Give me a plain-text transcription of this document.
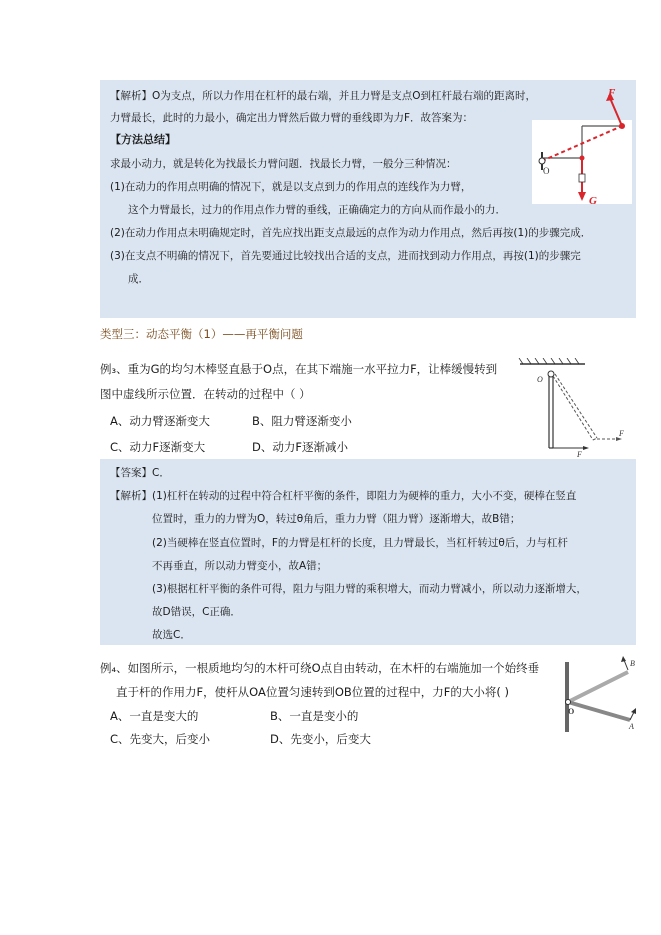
【解析】O为支点，所以力作用在杠杆的最右端，并且力臂是支点O到杠杆最右端的距离时，
力臂最长，此时的力最小，确定出力臂然后做力臂的垂线即为力F．故答案为：
【方法总结】
求最小动力，就是转化为找最长力臂问题．找最长力臂，一般分三种情况：
(1)在动力的作用点明确的情况下，就是以支点到力的作用点的连线作为力臂，
这个力臂最长，过力的作用点作力臂的垂线，正确确定力的方向从而作最小的力．
(2)在动力作用点未明确规定时，首先应找出距支点最远的点作为动力作用点，然后再按(1)的步骤完成．
(3)在支点不明确的情况下，首先要通过比较找出合适的支点，进而找到动力作用点，再按(1)的步骤完
成．
F
G
O
类型三：动态平衡（1）——再平衡问题
例₃、重为G的均匀木棒竖直悬于O点，在其下端施一水平拉力F，让棒缓慢转到
图中虚线所示位置．在转动的过程中（ ）
A、动力臂逐渐变大	B、阻力臂逐渐变小
C、动力F逐渐变大	D、动力F逐渐减小
O
F
F
【答案】C．
【解析】(1)杠杆在转动的过程中符合杠杆平衡的条件，即阻力为硬棒的重力，大小不变，硬棒在竖直
位置时，重力的力臂为O，转过θ角后，重力力臂（阻力臂）逐渐增大，故B错；
(2)当硬棒在竖直位置时，F的力臂是杠杆的长度，且力臂最长，当杠杆转过θ后，力与杠杆
不再垂直，所以动力臂变小，故A错；
(3)根据杠杆平衡的条件可得，阻力与阻力臂的乘积增大，而动力臂减小，所以动力逐渐增大，
故D错误，C正确．
故选C．
例₄、如图所示，一根质地均匀的木杆可绕O点自由转动，在木杆的右端施加一个始终垂
直于杆的作用力F，使杆从OA位置匀速转到OB位置的过程中，力F的大小将( )
A、一直是变大的	B、一直是变小的
C、先变大，后变小	D、先变小，后变大
O
B
A
